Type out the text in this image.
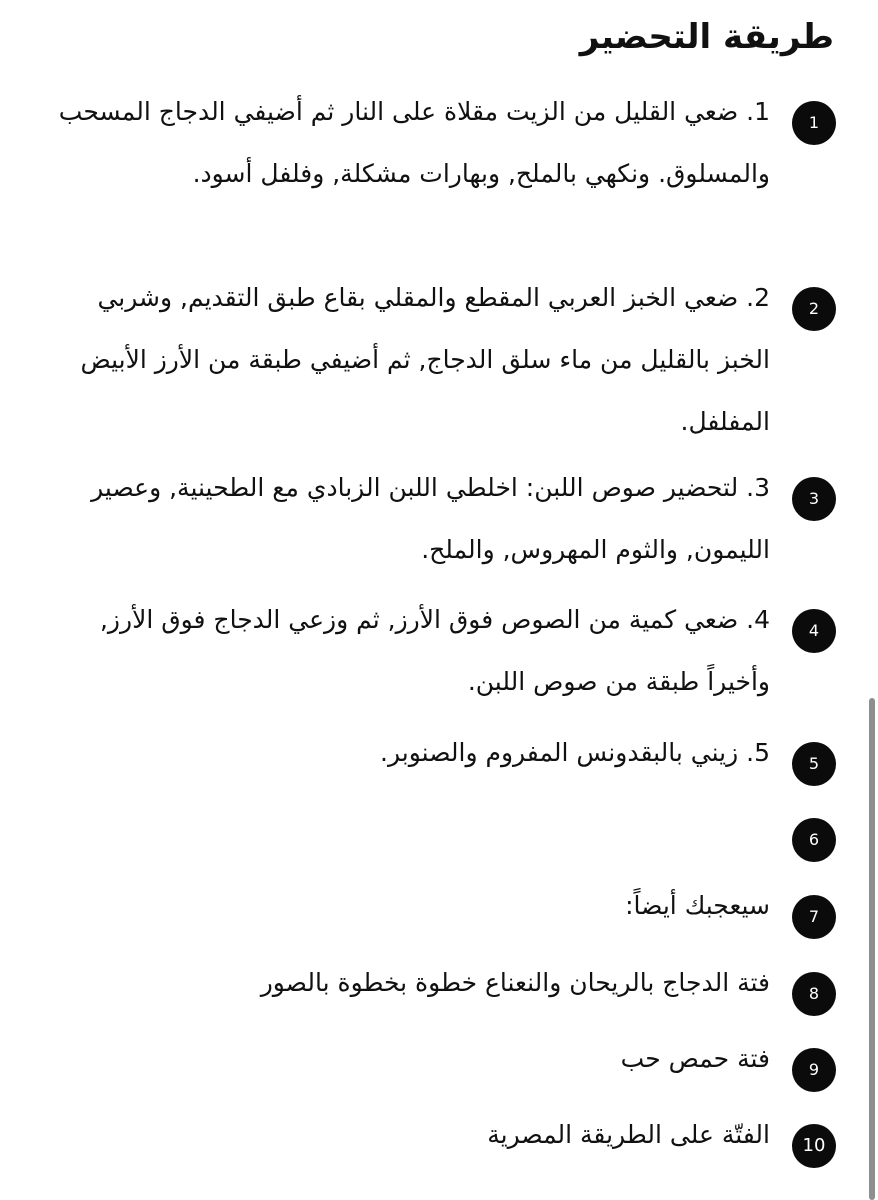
طريقة التحضير
1

1. ضعي القليل من الزيت مقلاة على النار ثم أضيفي الدجاج المسحب والمسلوق. ونكهي بالملح, وبهارات مشكلة, وفلفل أسود.

2

2. ضعي الخبز العربي المقطع والمقلي بقاع طبق التقديم, وشربي الخبز بالقليل من ماء سلق الدجاج, ثم أضيفي طبقة من الأرز الأبيض المفلفل.

3

3. لتحضير صوص اللبن: اخلطي اللبن الزبادي مع الطحينية, وعصير الليمون, والثوم المهروس, والملح.

4

4. ضعي كمية من الصوص فوق الأرز, ثم وزعي الدجاج فوق الأرز, وأخيراً طبقة من صوص اللبن.

5

5. زيني بالبقدونس المفروم والصنوبر.

6

7

سيعجبك أيضاً:

8

فتة الدجاج بالريحان والنعناع خطوة بخطوة بالصور

9

فتة حمص حب

10

الفتّة على الطريقة المصرية
